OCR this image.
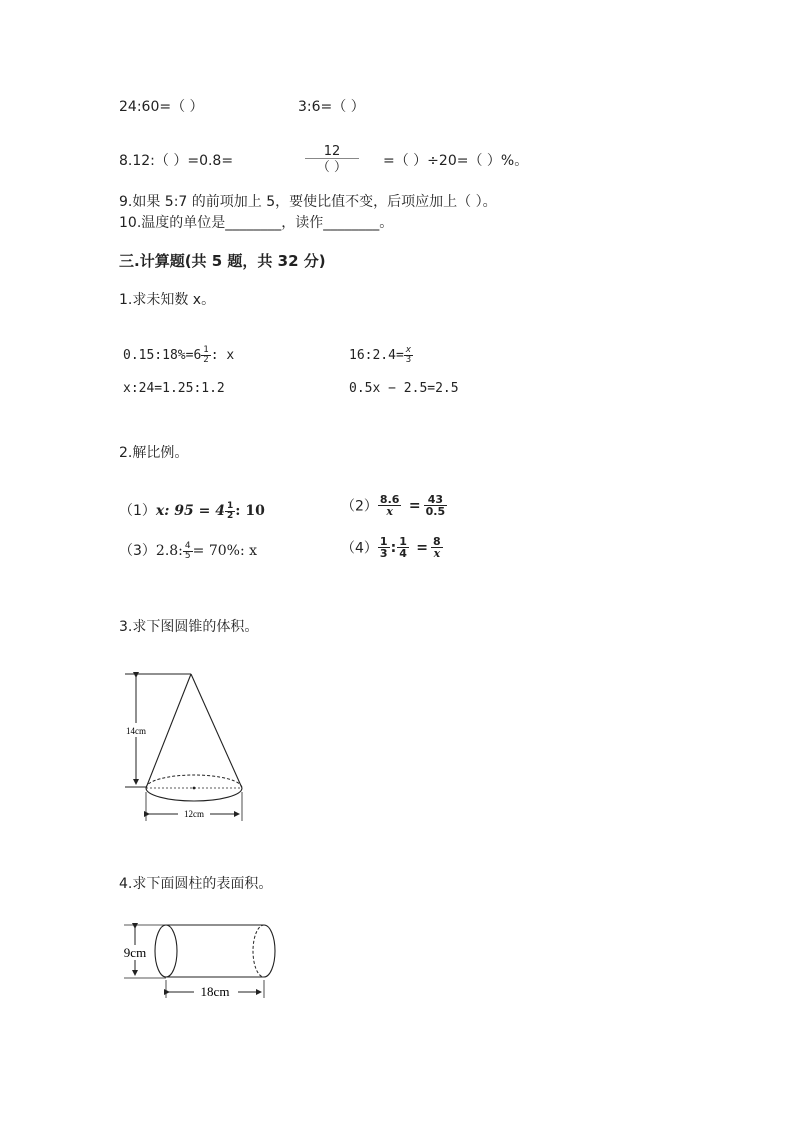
24:60=（ ）	3:6=（ ）
8.12:（ ）=0.8=
12
（ ）	=（ ）÷20=（ ）%。
9.如果 5:7 的前项加上 5，要使比值不变，后项应加上（ ）。
10.温度的单位是________，读作________。
三.计算题(共 5 题，共 32 分)
1.求未知数 x。
0.15:18%=6 $\frac{1}{2}$ : x	16:2.4= $\frac{x}{3}$
x:24=1.25:1.2	0.5x − 2.5=2.5
2.解比例。
（1）x: $95 = 4 \frac{1}{2}$ : 10	$(2) \frac{8.6}{x} = \frac{43}{0.5}$
（3）2.8: $\frac{4}{5} = 70\%$: x	$(4) \frac{1}{3}$ : $\frac{1}{4} = \frac{8}{x}$
3.求下图圆锥的体积。
14cm
12cm
4.求下面圆柱的表面积。
9cm
18cm
